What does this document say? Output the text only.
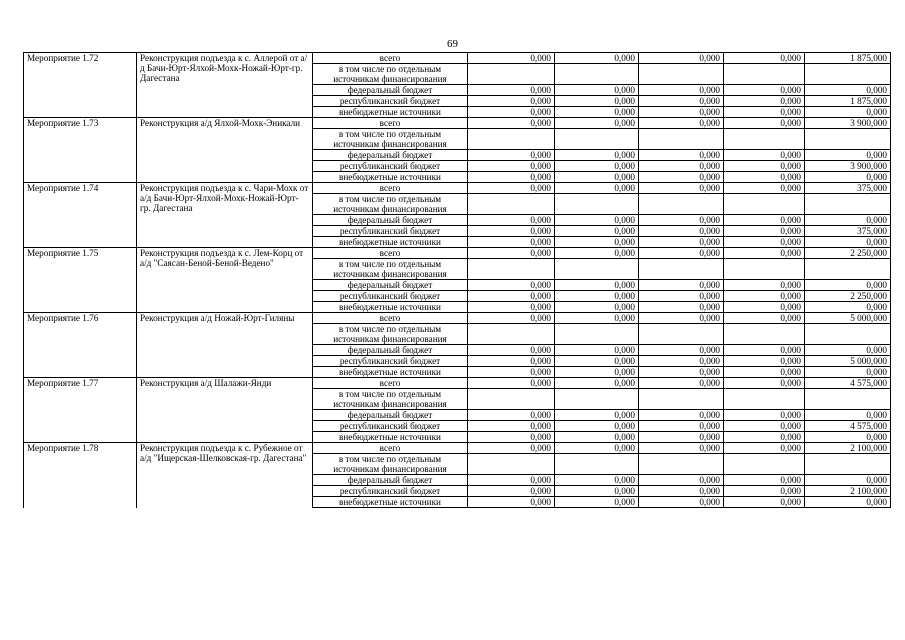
69
Мероприятие 1.72	Реконструкция подъезда к с. Аллерой от а/д Бачи-Юрт-Ялхой-Мохк-Ножай-Юрт-гр. Дагестана	всего	0,000	0,000	0,000	0,000	1 875,000
		в том числе по отдельным источникам финансирования					
		федеральный бюджет	0,000	0,000	0,000	0,000	0,000
		республиканский бюджет	0,000	0,000	0,000	0,000	1 875,000
		внебюджетные источники	0,000	0,000	0,000	0,000	0,000
Мероприятие 1.73	Реконструкция а/д Ялхой-Мохк-Эникали	всего	0,000	0,000	0,000	0,000	3 900,000
		в том числе по отдельным источникам финансирования					
		федеральный бюджет	0,000	0,000	0,000	0,000	0,000
		республиканский бюджет	0,000	0,000	0,000	0,000	3 900,000
		внебюджетные источники	0,000	0,000	0,000	0,000	0,000
Мероприятие 1.74	Реконструкция подъезда к с. Чари-Мохк от а/д Бачи-Юрт-Ялхой-Мохк-Ножай-Юрт-гр. Дагестана	всего	0,000	0,000	0,000	0,000	375,000
		в том числе по отдельным источникам финансирования					
		федеральный бюджет	0,000	0,000	0,000	0,000	0,000
		республиканский бюджет	0,000	0,000	0,000	0,000	375,000
		внебюджетные источники	0,000	0,000	0,000	0,000	0,000
Мероприятие 1.75	Реконструкция подъезда к с. Лем-Корц от а/д "Саясан-Беной-Беной-Ведено"	всего	0,000	0,000	0,000	0,000	2 250,000
		в том числе по отдельным источникам финансирования					
		федеральный бюджет	0,000	0,000	0,000	0,000	0,000
		республиканский бюджет	0,000	0,000	0,000	0,000	2 250,000
		внебюджетные источники	0,000	0,000	0,000	0,000	0,000
Мероприятие 1.76	Реконструкция а/д Ножай-Юрт-Гиляны	всего	0,000	0,000	0,000	0,000	5 000,000
		в том числе по отдельным источникам финансирования					
		федеральный бюджет	0,000	0,000	0,000	0,000	0,000
		республиканский бюджет	0,000	0,000	0,000	0,000	5 000,000
		внебюджетные источники	0,000	0,000	0,000	0,000	0,000
Мероприятие 1.77	Реконструкция а/д Шалажи-Янди	всего	0,000	0,000	0,000	0,000	4 575,000
		в том числе по отдельным источникам финансирования					
		федеральный бюджет	0,000	0,000	0,000	0,000	0,000
		республиканский бюджет	0,000	0,000	0,000	0,000	4 575,000
		внебюджетные источники	0,000	0,000	0,000	0,000	0,000
Мероприятие 1.78	Реконструкция подъезда к с. Рубежное от а/д "Ищерская-Шелковская-гр. Дагестана"	всего	0,000	0,000	0,000	0,000	2 100,000
		в том числе по отдельным источникам финансирования					
		федеральный бюджет	0,000	0,000	0,000	0,000	0,000
		республиканский бюджет	0,000	0,000	0,000	0,000	2 100,000
		внебюджетные источники	0,000	0,000	0,000	0,000	0,000
